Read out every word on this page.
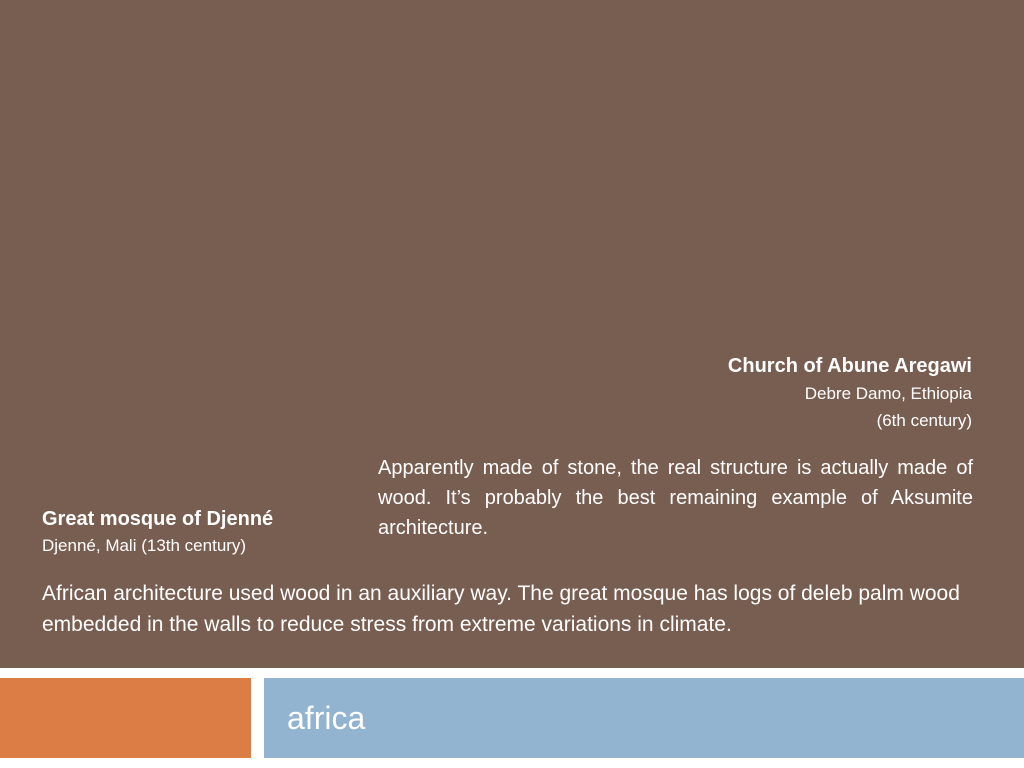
Church of Abune Aregawi
Debre Damo, Ethiopia
(6th century)
Apparently made of stone, the real structure is actually made of wood. It’s probably the best remaining example of Aksumite architecture.
Great mosque of Djenné
Djenné, Mali (13th century)
African architecture used wood in an auxiliary way. The great mosque has logs of deleb palm wood embedded in the walls to reduce stress from extreme variations in climate.
africa
